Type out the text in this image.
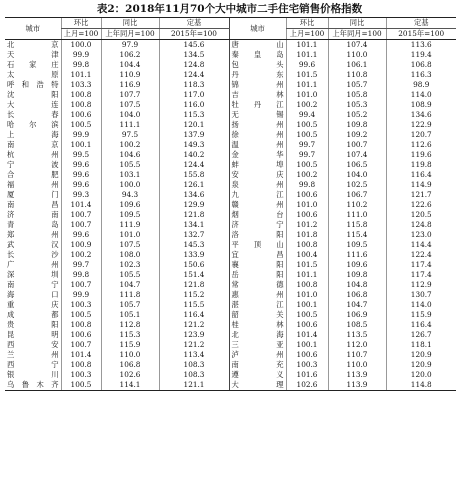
表2：2018年11月70个大中城市二手住宅销售价格指数
城市	环比	同比	定基	城市	环比	同比	定基
	上月=100	上年同月=100	2015年=100		上月=100	上年同月=100	2015年=100
北京	100.0	97.9	145.6	唐山	101.1	107.4	113.6
天津	99.9	106.2	134.5	秦皇岛	101.1	110.0	119.4
石家庄	99.8	104.4	124.8	包头	99.6	106.1	106.8
太原	101.1	110.9	124.4	丹东	101.5	110.8	116.3
呼和浩特	103.3	116.9	118.3	锦州	101.1	105.7	98.9
沈阳	100.8	107.7	117.0	吉林	101.0	105.8	114.0
大连	100.8	107.5	116.0	牡丹江	100.2	105.3	108.9
长春	100.6	104.0	115.3	无锡	99.4	105.2	134.6
哈尔滨	100.5	111.1	120.1	扬州	100.5	109.8	122.9
上海	99.9	97.5	137.9	徐州	100.5	109.2	120.7
南京	100.1	100.2	149.3	温州	99.7	100.7	112.6
杭州	99.5	104.6	140.2	金华	99.7	107.4	119.6
宁波	99.6	105.5	124.4	蚌埠	100.5	106.5	119.8
合肥	99.6	103.1	155.8	安庆	100.2	104.0	116.4
福州	99.6	100.0	126.1	泉州	99.8	102.5	114.9
厦门	99.3	94.3	134.6	九江	100.6	106.7	121.7
南昌	101.4	109.6	129.9	赣州	101.0	110.2	122.6
济南	100.7	109.5	121.8	烟台	100.6	111.0	120.5
青岛	100.7	111.9	134.1	济宁	101.2	115.8	124.8
郑州	99.6	101.0	132.7	洛阳	101.8	115.4	123.0
武汉	100.9	107.5	145.3	平顶山	100.8	109.5	114.4
长沙	100.2	108.0	133.9	宜昌	100.4	111.6	122.4
广州	99.7	102.3	150.6	襄阳	101.5	109.6	117.4
深圳	99.8	105.5	151.4	岳阳	101.1	109.8	117.4
南宁	100.7	104.7	121.8	常德	100.8	104.8	112.9
海口	99.9	111.8	115.2	惠州	101.0	106.8	130.7
重庆	100.3	105.7	115.5	湛江	100.1	104.7	114.0
成都	100.5	105.1	116.4	韶关	100.5	106.9	115.9
贵阳	100.8	112.8	121.2	桂林	100.6	108.5	116.4
昆明	100.6	115.3	123.9	北海	101.4	113.5	126.7
西安	100.7	115.9	121.2	三亚	100.1	112.0	118.1
兰州	101.4	110.0	113.4	泸州	100.6	110.7	120.9
西宁	100.8	106.8	108.3	南充	100.3	110.0	120.9
银川	100.3	102.6	108.3	遵义	101.6	113.9	120.0
乌鲁木齐	100.5	114.1	121.1	大理	102.6	113.9	114.8
